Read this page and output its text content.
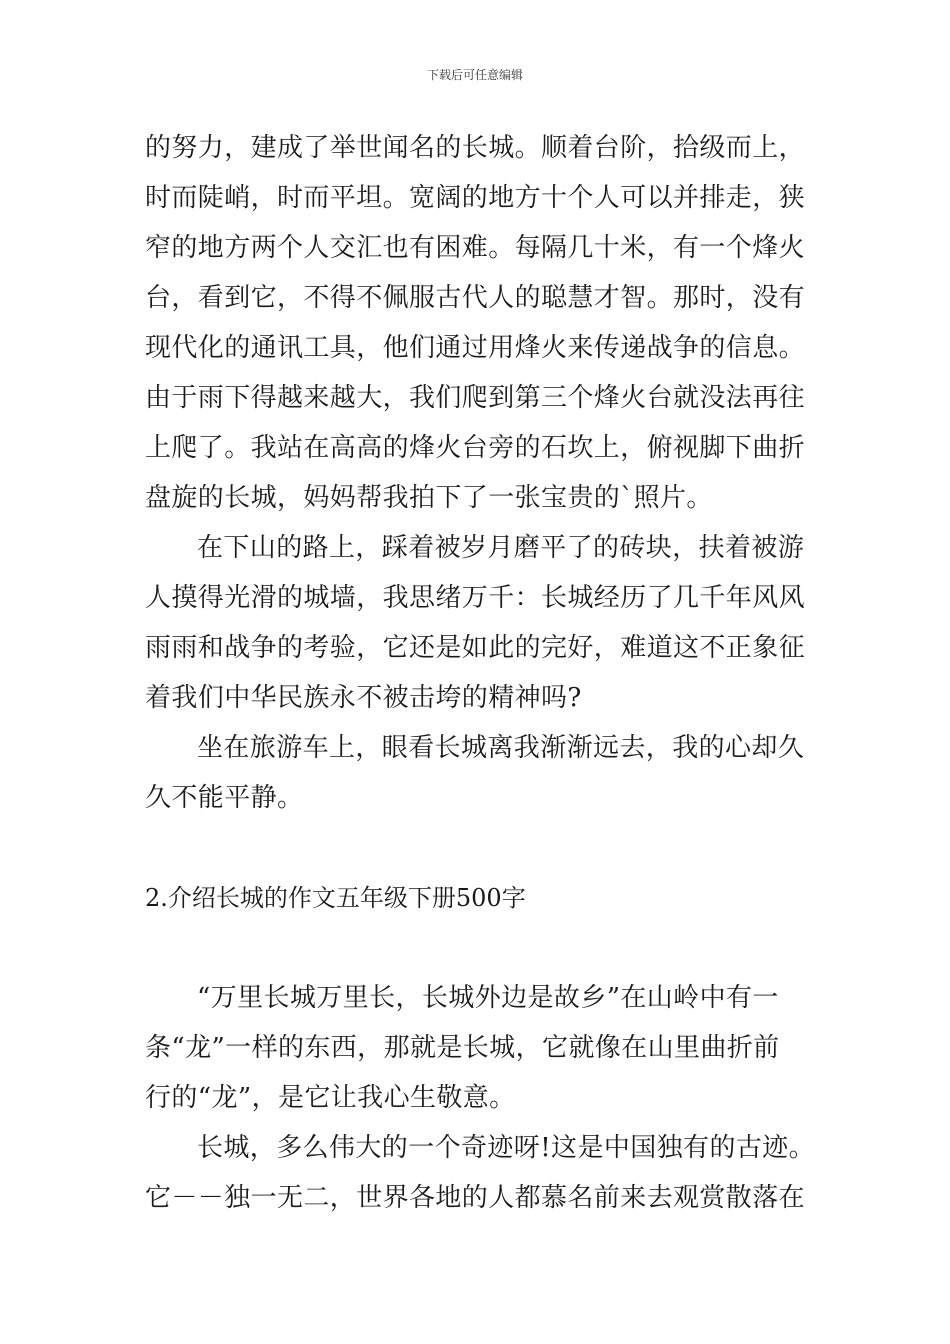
下载后可任意编辑
的努力，建成了举世闻名的长城。顺着台阶，拾级而上，
时而陡峭，时而平坦。宽阔的地方十个人可以并排走，狭
窄的地方两个人交汇也有困难。每隔几十米，有一个烽火
台，看到它，不得不佩服古代人的聪慧才智。那时，没有
现代化的通讯工具，他们通过用烽火来传递战争的信息。
由于雨下得越来越大，我们爬到第三个烽火台就没法再往
上爬了。我站在高高的烽火台旁的石坎上，俯视脚下曲折
盘旋的长城，妈妈帮我拍下了一张宝贵的`照片。
在下山的路上，踩着被岁月磨平了的砖块，扶着被游
人摸得光滑的城墙，我思绪万千：长城经历了几千年风风
雨雨和战争的考验，它还是如此的完好，难道这不正象征
着我们中华民族永不被击垮的精神吗?
坐在旅游车上，眼看长城离我渐渐远去，我的心却久
久不能平静。
2.介绍长城的作文五年级下册500字
“万里长城万里长，长城外边是故乡”在山岭中有一
条“龙”一样的东西，那就是长城，它就像在山里曲折前
行的“龙”，是它让我心生敬意。
长城，多么伟大的一个奇迹呀!这是中国独有的古迹。
它－－独一无二，世界各地的人都慕名前来去观赏散落在
